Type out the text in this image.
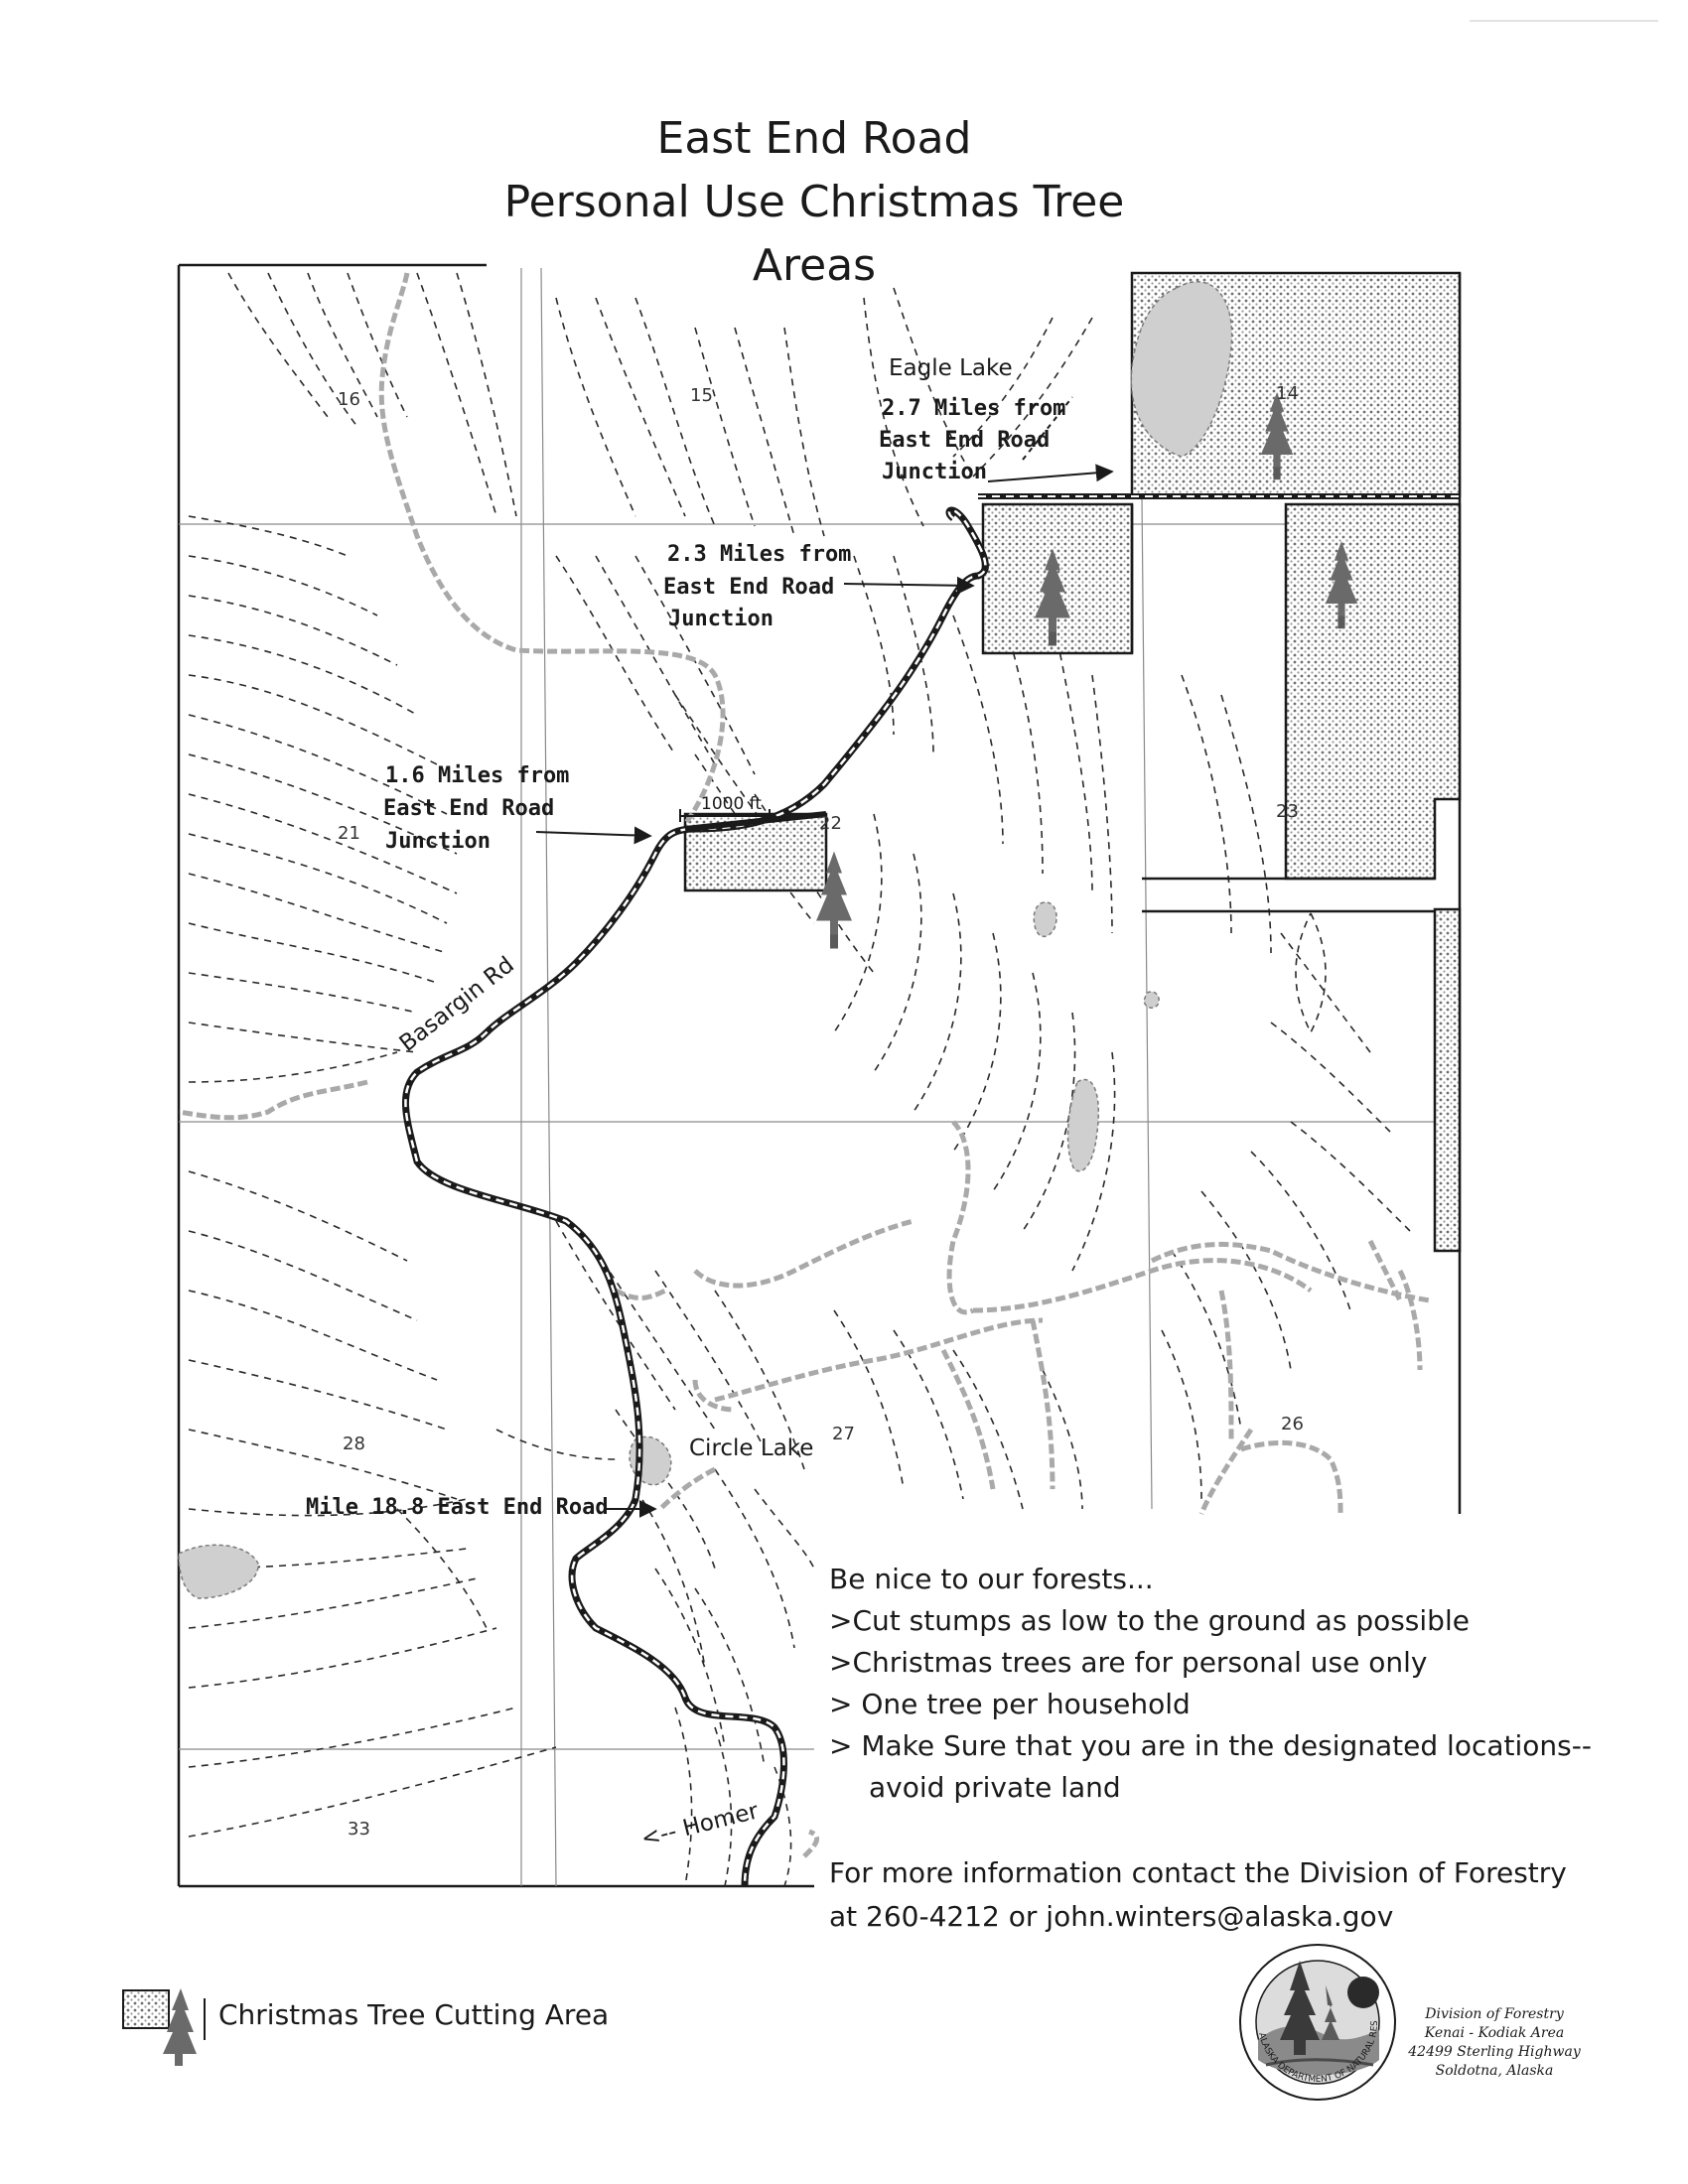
East End Road
Personal Use Christmas Tree
Areas
1000 ft
16	15	14
21	22
23
28	27	26
33
Eagle Lake
Circle Lake
Basargin Rd
<-- Homer
2.7 Miles from
East End Road
Junction
2.3 Miles from
East End Road
Junction
1.6 Miles from
East End Road
Junction
Mile 18.8 East End Road

Be nice to our forests...

>Cut stumps as low to the ground as possible

>Christmas trees are for personal use only

> One tree per household

> Make Sure that you are in the designated locations--

avoid private land

For more information contact the Division of Forestry
at 260-4212 or john.winters@alaska.gov
Christmas Tree Cutting Area
ALASKA DEPARTMENT OF NATURAL RES
Division of Forestry
Kenai - Kodiak Area
42499 Sterling Highway
Soldotna, Alaska
